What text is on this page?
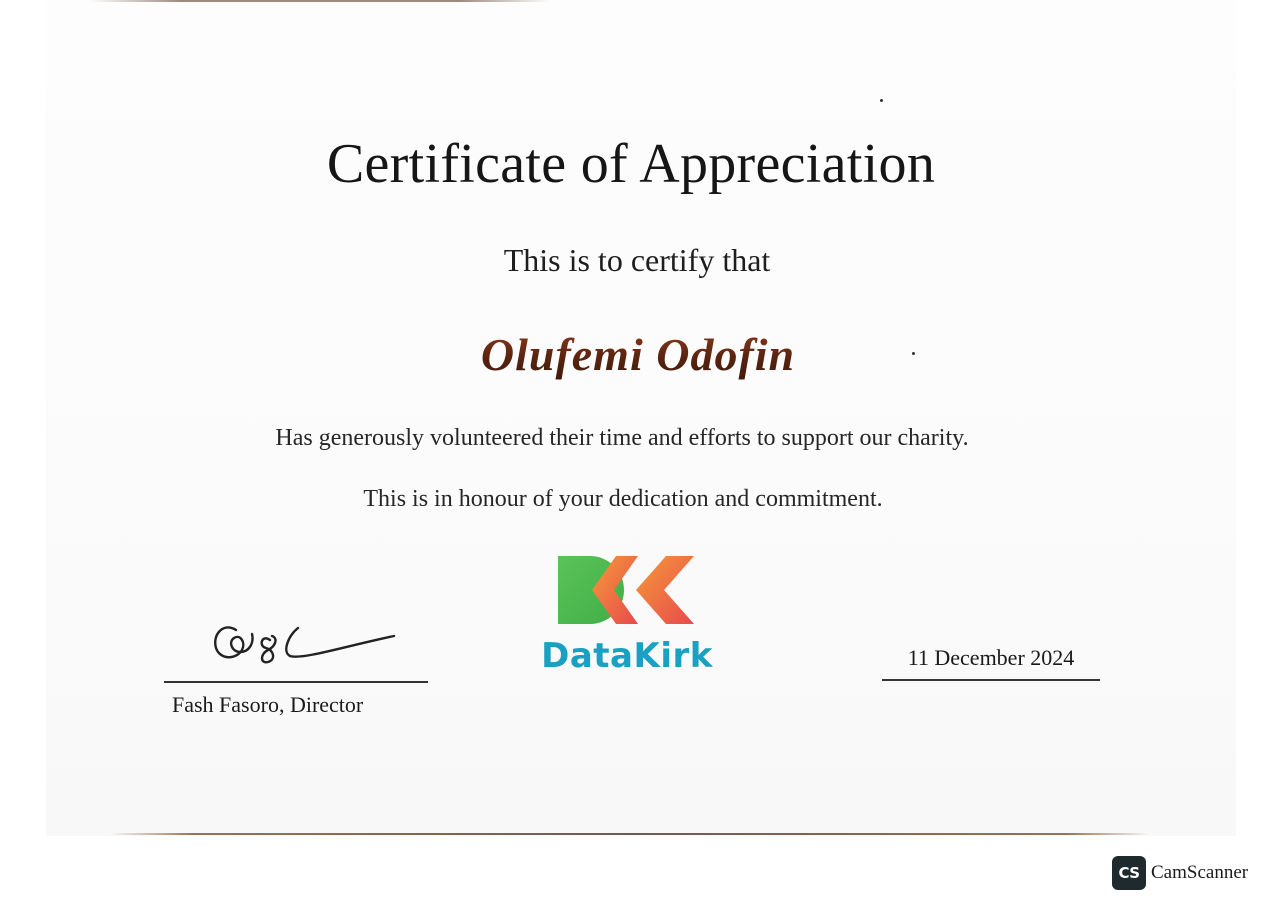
Certificate of Appreciation
This is to certify that
Olufemi Odofin
Has generously volunteered their time and efforts to support our charity.
This is in honour of your dedication and commitment.
DataKirk
Fash Fasoro, Director
11 December 2024
CS CamScanner
